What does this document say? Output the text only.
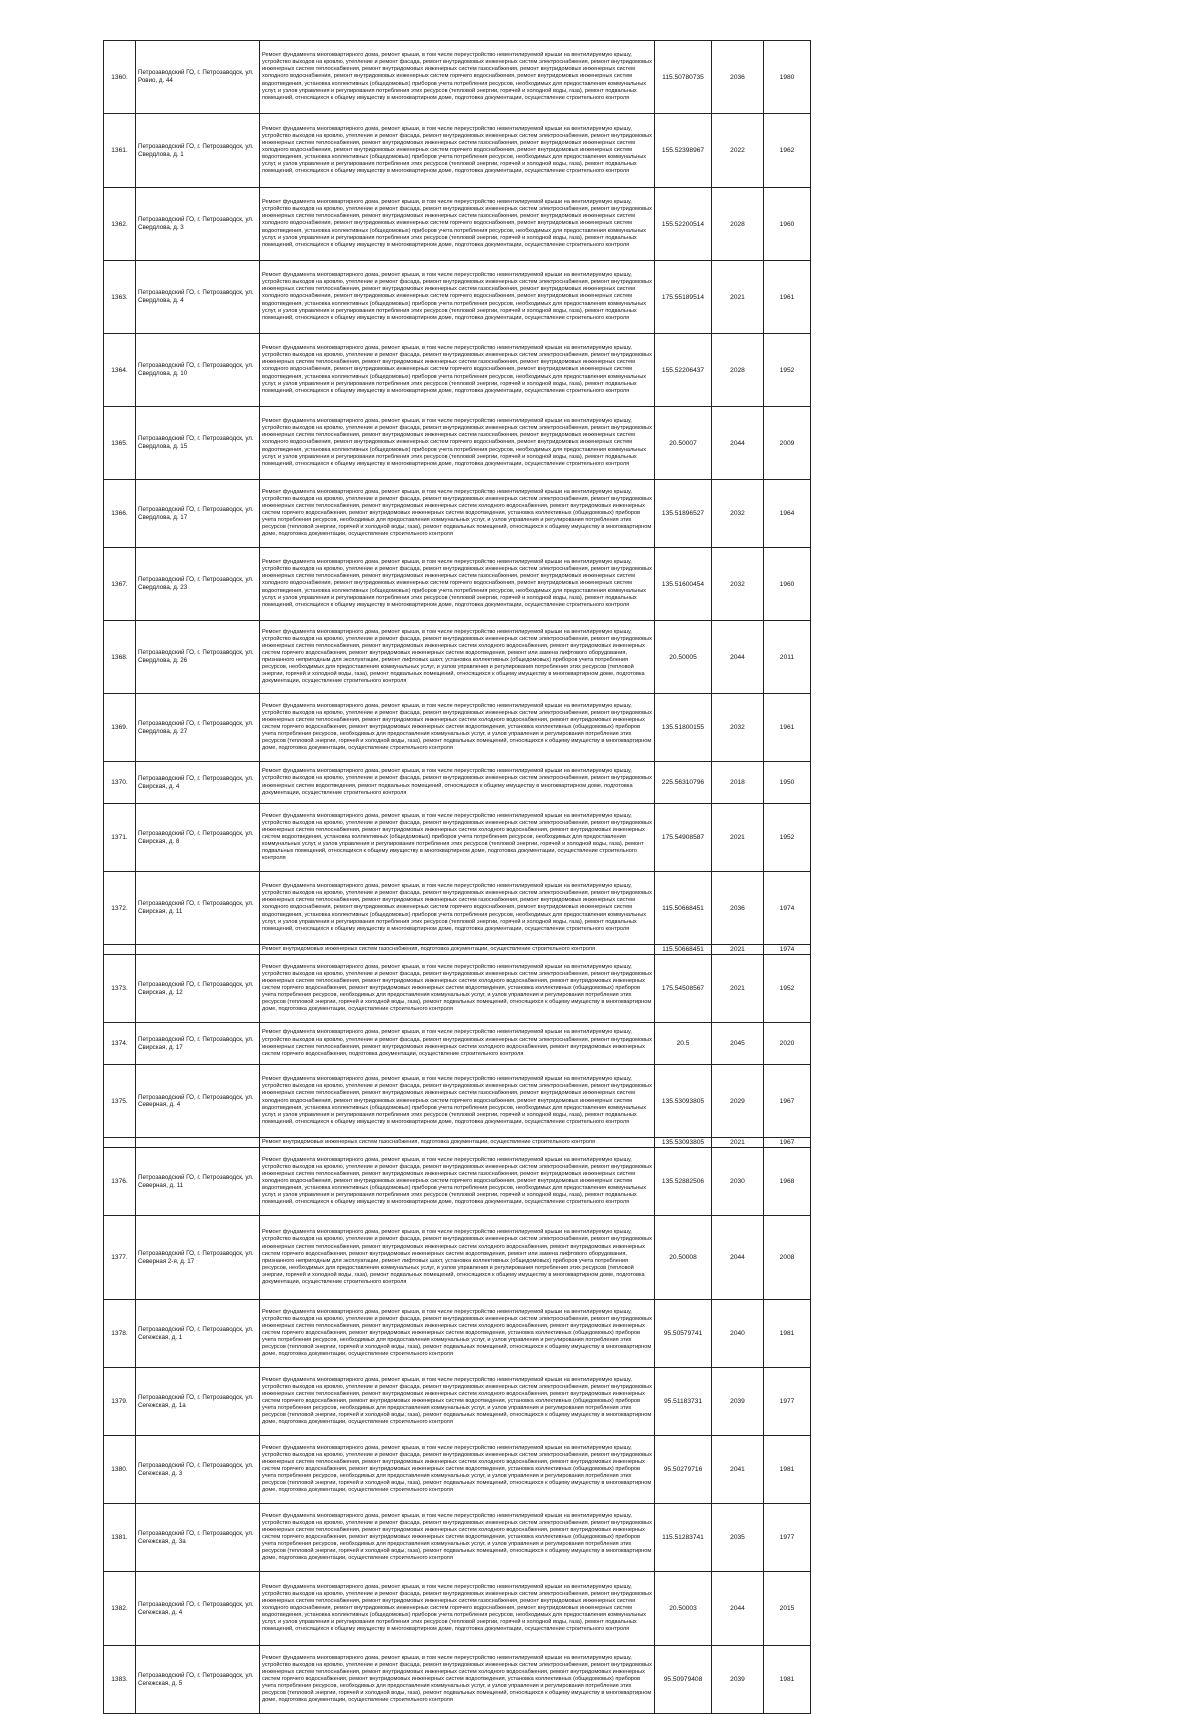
1360.	Петрозаводский ГО, г. Петрозаводск, ул. Ровио, д. 44	Ремонт фундамента многоквартирного дома, ремонт крыши, в том числе переустройство невентилируемой крыши на вентилируемую крышу, устройство выходов на кровлю, утепление и ремонт фасада, ремонт внутридомовых инженерных систем электроснабжения, ремонт внутридомовых инженерных систем теплоснабжения, ремонт внутридомовых инженерных систем газоснабжения, ремонт внутридомовых инженерных систем холодного водоснабжения, ремонт внутридомовых инженерных систем горячего водоснабжения, ремонт внутридомовых инженерных систем водоотведения, установка коллективных (общедомовых) приборов учета потребления ресурсов, необходимых для предоставления коммунальных услуг, и узлов управления и регулирования потребления этих ресурсов (тепловой энергии, горячей и холодной воды, газа), ремонт подвальных помещений, относящихся к общему имуществу в многоквартирном доме, подготовка документации, осуществление строительного контроля	115.50780735	2036	1980
1361.	Петрозаводский ГО, г. Петрозаводск, ул. Свердлова, д. 1	Ремонт фундамента многоквартирного дома, ремонт крыши, в том числе переустройство невентилируемой крыши на вентилируемую крышу, устройство выходов на кровлю, утепление и ремонт фасада, ремонт внутридомовых инженерных систем электроснабжения, ремонт внутридомовых инженерных систем теплоснабжения, ремонт внутридомовых инженерных систем газоснабжения, ремонт внутридомовых инженерных систем холодного водоснабжения, ремонт внутридомовых инженерных систем горячего водоснабжения, ремонт внутридомовых инженерных систем водоотведения, установка коллективных (общедомовых) приборов учета потребления ресурсов, необходимых для предоставления коммунальных услуг, и узлов управления и регулирования потребления этих ресурсов (тепловой энергии, горячей и холодной воды, газа), ремонт подвальных помещений, относящихся к общему имуществу в многоквартирном доме, подготовка документации, осуществление строительного контроля	155.52398967	2022	1962
1362.	Петрозаводский ГО, г. Петрозаводск, ул. Свердлова, д. 3	Ремонт фундамента многоквартирного дома, ремонт крыши, в том числе переустройство невентилируемой крыши на вентилируемую крышу, устройство выходов на кровлю, утепление и ремонт фасада, ремонт внутридомовых инженерных систем электроснабжения, ремонт внутридомовых инженерных систем теплоснабжения, ремонт внутридомовых инженерных систем газоснабжения, ремонт внутридомовых инженерных систем холодного водоснабжения, ремонт внутридомовых инженерных систем горячего водоснабжения, ремонт внутридомовых инженерных систем водоотведения, установка коллективных (общедомовых) приборов учета потребления ресурсов, необходимых для предоставления коммунальных услуг, и узлов управления и регулирования потребления этих ресурсов (тепловой энергии, горячей и холодной воды, газа), ремонт подвальных помещений, относящихся к общему имуществу в многоквартирном доме, подготовка документации, осуществление строительного контроля	155.52200514	2028	1960
1363.	Петрозаводский ГО, г. Петрозаводск, ул. Свердлова, д. 4	Ремонт фундамента многоквартирного дома, ремонт крыши, в том числе переустройство невентилируемой крыши на вентилируемую крышу, устройство выходов на кровлю, утепление и ремонт фасада, ремонт внутридомовых инженерных систем электроснабжения, ремонт внутридомовых инженерных систем теплоснабжения, ремонт внутридомовых инженерных систем газоснабжения, ремонт внутридомовых инженерных систем холодного водоснабжения, ремонт внутридомовых инженерных систем горячего водоснабжения, ремонт внутридомовых инженерных систем водоотведения, установка коллективных (общедомовых) приборов учета потребления ресурсов, необходимых для предоставления коммунальных услуг, и узлов управления и регулирования потребления этих ресурсов (тепловой энергии, горячей и холодной воды, газа), ремонт подвальных помещений, относящихся к общему имуществу в многоквартирном доме, подготовка документации, осуществление строительного контроля	175.55189514	2021	1961
1364.	Петрозаводский ГО, г. Петрозаводск, ул. Свердлова, д. 10	Ремонт фундамента многоквартирного дома, ремонт крыши, в том числе переустройство невентилируемой крыши на вентилируемую крышу, устройство выходов на кровлю, утепление и ремонт фасада, ремонт внутридомовых инженерных систем электроснабжения, ремонт внутридомовых инженерных систем теплоснабжения, ремонт внутридомовых инженерных систем газоснабжения, ремонт внутридомовых инженерных систем холодного водоснабжения, ремонт внутридомовых инженерных систем горячего водоснабжения, ремонт внутридомовых инженерных систем водоотведения, установка коллективных (общедомовых) приборов учета потребления ресурсов, необходимых для предоставления коммунальных услуг, и узлов управления и регулирования потребления этих ресурсов (тепловой энергии, горячей и холодной воды, газа), ремонт подвальных помещений, относящихся к общему имуществу в многоквартирном доме, подготовка документации, осуществление строительного контроля	155.52206437	2028	1952
1365.	Петрозаводский ГО, г. Петрозаводск, ул. Свердлова, д. 15	Ремонт фундамента многоквартирного дома, ремонт крыши, в том числе переустройство невентилируемой крыши на вентилируемую крышу, устройство выходов на кровлю, утепление и ремонт фасада, ремонт внутридомовых инженерных систем электроснабжения, ремонт внутридомовых инженерных систем теплоснабжения, ремонт внутридомовых инженерных систем газоснабжения, ремонт внутридомовых инженерных систем холодного водоснабжения, ремонт внутридомовых инженерных систем горячего водоснабжения, ремонт внутридомовых инженерных систем водоотведения, установка коллективных (общедомовых) приборов учета потребления ресурсов, необходимых для предоставления коммунальных услуг, и узлов управления и регулирования потребления этих ресурсов (тепловой энергии, горячей и холодной воды, газа), ремонт подвальных помещений, относящихся к общему имуществу в многоквартирном доме, подготовка документации, осуществление строительного контроля	20.50007	2044	2009
1366.	Петрозаводский ГО, г. Петрозаводск, ул. Свердлова, д. 17	Ремонт фундамента многоквартирного дома, ремонт крыши, в том числе переустройство невентилируемой крыши на вентилируемую крышу, устройство выходов на кровлю, утепление и ремонт фасада, ремонт внутридомовых инженерных систем электроснабжения, ремонт внутридомовых инженерных систем теплоснабжения, ремонт внутридомовых инженерных систем холодного водоснабжения, ремонт внутридомовых инженерных систем горячего водоснабжения, ремонт внутридомовых инженерных систем водоотведения, установка коллективных (общедомовых) приборов учета потребления ресурсов, необходимых для предоставления коммунальных услуг, и узлов управления и регулирования потребления этих ресурсов (тепловой энергии, горячей и холодной воды, газа), ремонт подвальных помещений, относящихся к общему имуществу в многоквартирном доме, подготовка документации, осуществление строительного контроля	135.51896527	2032	1964
1367.	Петрозаводский ГО, г. Петрозаводск, ул. Свердлова, д. 23	Ремонт фундамента многоквартирного дома, ремонт крыши, в том числе переустройство невентилируемой крыши на вентилируемую крышу, устройство выходов на кровлю, утепление и ремонт фасада, ремонт внутридомовых инженерных систем электроснабжения, ремонт внутридомовых инженерных систем теплоснабжения, ремонт внутридомовых инженерных систем газоснабжения, ремонт внутридомовых инженерных систем холодного водоснабжения, ремонт внутридомовых инженерных систем горячего водоснабжения, ремонт внутридомовых инженерных систем водоотведения, установка коллективных (общедомовых) приборов учета потребления ресурсов, необходимых для предоставления коммунальных услуг, и узлов управления и регулирования потребления этих ресурсов (тепловой энергии, горячей и холодной воды, газа), ремонт подвальных помещений, относящихся к общему имуществу в многоквартирном доме, подготовка документации, осуществление строительного контроля	135.51600454	2032	1960
1368.	Петрозаводский ГО, г. Петрозаводск, ул. Свердлова, д. 26	Ремонт фундамента многоквартирного дома, ремонт крыши, в том числе переустройство невентилируемой крыши на вентилируемую крышу, устройство выходов на кровлю, утепление и ремонт фасада, ремонт внутридомовых инженерных систем электроснабжения, ремонт внутридомовых инженерных систем теплоснабжения, ремонт внутридомовых инженерных систем холодного водоснабжения, ремонт внутридомовых инженерных систем горячего водоснабжения, ремонт внутридомовых инженерных систем водоотведения, ремонт или замена лифтового оборудования, признанного непригодным для эксплуатации, ремонт лифтовых шахт, установка коллективных (общедомовых) приборов учета потребления ресурсов, необходимых для предоставления коммунальных услуг, и узлов управления и регулирования потребления этих ресурсов (тепловой энергии, горячей и холодной воды, газа), ремонт подвальных помещений, относящихся к общему имуществу в многоквартирном доме, подготовка документации, осуществление строительного контроля	20.50005	2044	2011
1369.	Петрозаводский ГО, г. Петрозаводск, ул. Свердлова, д. 27	Ремонт фундамента многоквартирного дома, ремонт крыши, в том числе переустройство невентилируемой крыши на вентилируемую крышу, устройство выходов на кровлю, утепление и ремонт фасада, ремонт внутридомовых инженерных систем электроснабжения, ремонт внутридомовых инженерных систем теплоснабжения, ремонт внутридомовых инженерных систем холодного водоснабжения, ремонт внутридомовых инженерных систем горячего водоснабжения, ремонт внутридомовых инженерных систем водоотведения, установка коллективных (общедомовых) приборов учета потребления ресурсов, необходимых для предоставления коммунальных услуг, и узлов управления и регулирования потребления этих ресурсов (тепловой энергии, горячей и холодной воды, газа), ремонт подвальных помещений, относящихся к общему имуществу в многоквартирном доме, подготовка документации, осуществление строительного контроля	135.51800155	2032	1961
1370.	Петрозаводский ГО, г. Петрозаводск, ул. Свирская, д. 4	Ремонт фундамента многоквартирного дома, ремонт крыши, в том числе переустройство невентилируемой крыши на вентилируемую крышу, устройство выходов на кровлю, утепление и ремонт фасада, ремонт внутридомовых инженерных систем электроснабжения, ремонт внутридомовых инженерных систем водоотведения, ремонт подвальных помещений, относящихся к общему имуществу в многоквартирном доме, подготовка документации, осуществление строительного контроля	225.56310796	2018	1950
1371.	Петрозаводский ГО, г. Петрозаводск, ул. Свирская, д. 8	Ремонт фундамента многоквартирного дома, ремонт крыши, в том числе переустройство невентилируемой крыши на вентилируемую крышу, устройство выходов на кровлю, утепление и ремонт фасада, ремонт внутридомовых инженерных систем электроснабжения, ремонт внутридомовых инженерных систем теплоснабжения, ремонт внутридомовых инженерных систем холодного водоснабжения, ремонт внутридомовых инженерных систем водоотведения, установка коллективных (общедомовых) приборов учета потребления ресурсов, необходимых для предоставления коммунальных услуг, и узлов управления и регулирования потребления этих ресурсов (тепловой энергии, горячей и холодной воды, газа), ремонт подвальных помещений, относящихся к общему имуществу в многоквартирном доме, подготовка документации, осуществление строительного контроля	175.54908587	2021	1952
1372.	Петрозаводский ГО, г. Петрозаводск, ул. Свирская, д. 11	Ремонт фундамента многоквартирного дома, ремонт крыши, в том числе переустройство невентилируемой крыши на вентилируемую крышу, устройство выходов на кровлю, утепление и ремонт фасада, ремонт внутридомовых инженерных систем электроснабжения, ремонт внутридомовых инженерных систем теплоснабжения, ремонт внутридомовых инженерных систем газоснабжения, ремонт внутридомовых инженерных систем холодного водоснабжения, ремонт внутридомовых инженерных систем горячего водоснабжения, ремонт внутридомовых инженерных систем водоотведения, установка коллективных (общедомовых) приборов учета потребления ресурсов, необходимых для предоставления коммунальных услуг, и узлов управления и регулирования потребления этих ресурсов (тепловой энергии, горячей и холодной воды, газа), ремонт подвальных помещений, относящихся к общему имуществу в многоквартирном доме, подготовка документации, осуществление строительного контроля	115.50668451	2036	1974

		Ремонт внутридомовых инженерных систем газоснабжения, подготовка документации, осуществление строительного контроля	115.50668451	2021	1974
1373.	Петрозаводский ГО, г. Петрозаводск, ул. Свирская, д. 12	Ремонт фундамента многоквартирного дома, ремонт крыши, в том числе переустройство невентилируемой крыши на вентилируемую крышу, устройство выходов на кровлю, утепление и ремонт фасада, ремонт внутридомовых инженерных систем электроснабжения, ремонт внутридомовых инженерных систем теплоснабжения, ремонт внутридомовых инженерных систем холодного водоснабжения, ремонт внутридомовых инженерных систем горячего водоснабжения, ремонт внутридомовых инженерных систем водоотведения, установка коллективных (общедомовых) приборов учета потребления ресурсов, необходимых для предоставления коммунальных услуг, и узлов управления и регулирования потребления этих ресурсов (тепловой энергии, горячей и холодной воды, газа), ремонт подвальных помещений, относящихся к общему имуществу в многоквартирном доме, подготовка документации, осуществление строительного контроля	175.54508567	2021	1952
1374.	Петрозаводский ГО, г. Петрозаводск, ул. Свирская, д. 17	Ремонт фундамента многоквартирного дома, ремонт крыши, в том числе переустройство невентилируемой крыши на вентилируемую крышу, устройство выходов на кровлю, утепление и ремонт фасада, ремонт внутридомовых инженерных систем электроснабжения, ремонт внутридомовых инженерных систем теплоснабжения, ремонт внутридомовых инженерных систем холодного водоснабжения, ремонт внутридомовых инженерных систем горячего водоснабжения, подготовка документации, осуществление строительного контроля	20.5	2045	2020
1375.	Петрозаводский ГО, г. Петрозаводск, ул. Северная, д. 4	Ремонт фундамента многоквартирного дома, ремонт крыши, в том числе переустройство невентилируемой крыши на вентилируемую крышу, устройство выходов на кровлю, утепление и ремонт фасада, ремонт внутридомовых инженерных систем электроснабжения, ремонт внутридомовых инженерных систем теплоснабжения, ремонт внутридомовых инженерных систем газоснабжения, ремонт внутридомовых инженерных систем холодного водоснабжения, ремонт внутридомовых инженерных систем горячего водоснабжения, ремонт внутридомовых инженерных систем водоотведения, установка коллективных (общедомовых) приборов учета потребления ресурсов, необходимых для предоставления коммунальных услуг, и узлов управления и регулирования потребления этих ресурсов (тепловой энергии, горячей и холодной воды, газа), ремонт подвальных помещений, относящихся к общему имуществу в многоквартирном доме, подготовка документации, осуществление строительного контроля	135.53093805	2029	1967

		Ремонт внутридомовых инженерных систем газоснабжения, подготовка документации, осуществление строительного контроля	135.53093805	2021	1967
1376.	Петрозаводский ГО, г. Петрозаводск, ул. Северная, д. 11	Ремонт фундамента многоквартирного дома, ремонт крыши, в том числе переустройство невентилируемой крыши на вентилируемую крышу, устройство выходов на кровлю, утепление и ремонт фасада, ремонт внутридомовых инженерных систем электроснабжения, ремонт внутридомовых инженерных систем теплоснабжения, ремонт внутридомовых инженерных систем газоснабжения, ремонт внутридомовых инженерных систем холодного водоснабжения, ремонт внутридомовых инженерных систем горячего водоснабжения, ремонт внутридомовых инженерных систем водоотведения, установка коллективных (общедомовых) приборов учета потребления ресурсов, необходимых для предоставления коммунальных услуг, и узлов управления и регулирования потребления этих ресурсов (тепловой энергии, горячей и холодной воды, газа), ремонт подвальных помещений, относящихся к общему имуществу в многоквартирном доме, подготовка документации, осуществление строительного контроля	135.52882506	2030	1968
1377.	Петрозаводский ГО, г. Петрозаводск, ул. Северная 2-я, д. 17	Ремонт фундамента многоквартирного дома, ремонт крыши, в том числе переустройство невентилируемой крыши на вентилируемую крышу, устройство выходов на кровлю, утепление и ремонт фасада, ремонт внутридомовых инженерных систем электроснабжения, ремонт внутридомовых инженерных систем теплоснабжения, ремонт внутридомовых инженерных систем холодного водоснабжения, ремонт внутридомовых инженерных систем горячего водоснабжения, ремонт внутридомовых инженерных систем водоотведения, ремонт или замена лифтового оборудования, признанного непригодным для эксплуатации, ремонт лифтовых шахт, установка коллективных (общедомовых) приборов учета потребления ресурсов, необходимых для предоставления коммунальных услуг, и узлов управления и регулирования потребления этих ресурсов (тепловой энергии, горячей и холодной воды, газа), ремонт подвальных помещений, относящихся к общему имуществу в многоквартирном доме, подготовка документации, осуществление строительного контроля	20.50008	2044	2008
1378.	Петрозаводский ГО, г. Петрозаводск, ул. Сегежская, д. 1	Ремонт фундамента многоквартирного дома, ремонт крыши, в том числе переустройство невентилируемой крыши на вентилируемую крышу, устройство выходов на кровлю, утепление и ремонт фасада, ремонт внутридомовых инженерных систем электроснабжения, ремонт внутридомовых инженерных систем теплоснабжения, ремонт внутридомовых инженерных систем холодного водоснабжения, ремонт внутридомовых инженерных систем горячего водоснабжения, ремонт внутридомовых инженерных систем водоотведения, установка коллективных (общедомовых) приборов учета потребления ресурсов, необходимых для предоставления коммунальных услуг, и узлов управления и регулирования потребления этих ресурсов (тепловой энергии, горячей и холодной воды, газа), ремонт подвальных помещений, относящихся к общему имуществу в многоквартирном доме, подготовка документации, осуществление строительного контроля	95.50579741	2040	1981
1379.	Петрозаводский ГО, г. Петрозаводск, ул. Сегежская, д. 1а	Ремонт фундамента многоквартирного дома, ремонт крыши, в том числе переустройство невентилируемой крыши на вентилируемую крышу, устройство выходов на кровлю, утепление и ремонт фасада, ремонт внутридомовых инженерных систем электроснабжения, ремонт внутридомовых инженерных систем теплоснабжения, ремонт внутридомовых инженерных систем холодного водоснабжения, ремонт внутридомовых инженерных систем горячего водоснабжения, ремонт внутридомовых инженерных систем водоотведения, установка коллективных (общедомовых) приборов учета потребления ресурсов, необходимых для предоставления коммунальных услуг, и узлов управления и регулирования потребления этих ресурсов (тепловой энергии, горячей и холодной воды, газа), ремонт подвальных помещений, относящихся к общему имуществу в многоквартирном доме, подготовка документации, осуществление строительного контроля	95.51183731	2039	1977
1380.	Петрозаводский ГО, г. Петрозаводск, ул. Сегежская, д. 3	Ремонт фундамента многоквартирного дома, ремонт крыши, в том числе переустройство невентилируемой крыши на вентилируемую крышу, устройство выходов на кровлю, утепление и ремонт фасада, ремонт внутридомовых инженерных систем электроснабжения, ремонт внутридомовых инженерных систем теплоснабжения, ремонт внутридомовых инженерных систем холодного водоснабжения, ремонт внутридомовых инженерных систем горячего водоснабжения, ремонт внутридомовых инженерных систем водоотведения, установка коллективных (общедомовых) приборов учета потребления ресурсов, необходимых для предоставления коммунальных услуг, и узлов управления и регулирования потребления этих ресурсов (тепловой энергии, горячей и холодной воды, газа), ремонт подвальных помещений, относящихся к общему имуществу в многоквартирном доме, подготовка документации, осуществление строительного контроля	95.50279716	2041	1981
1381.	Петрозаводский ГО, г. Петрозаводск, ул. Сегежская, д. 3а	Ремонт фундамента многоквартирного дома, ремонт крыши, в том числе переустройство невентилируемой крыши на вентилируемую крышу, устройство выходов на кровлю, утепление и ремонт фасада, ремонт внутридомовых инженерных систем электроснабжения, ремонт внутридомовых инженерных систем теплоснабжения, ремонт внутридомовых инженерных систем холодного водоснабжения, ремонт внутридомовых инженерных систем горячего водоснабжения, ремонт внутридомовых инженерных систем водоотведения, установка коллективных (общедомовых) приборов учета потребления ресурсов, необходимых для предоставления коммунальных услуг, и узлов управления и регулирования потребления этих ресурсов (тепловой энергии, горячей и холодной воды, газа), ремонт подвальных помещений, относящихся к общему имуществу в многоквартирном доме, подготовка документации, осуществление строительного контроля	115.51283741	2035	1977
1382.	Петрозаводский ГО, г. Петрозаводск, ул. Сегежская, д. 4	Ремонт фундамента многоквартирного дома, ремонт крыши, в том числе переустройство невентилируемой крыши на вентилируемую крышу, устройство выходов на кровлю, утепление и ремонт фасада, ремонт внутридомовых инженерных систем электроснабжения, ремонт внутридомовых инженерных систем теплоснабжения, ремонт внутридомовых инженерных систем газоснабжения, ремонт внутридомовых инженерных систем холодного водоснабжения, ремонт внутридомовых инженерных систем горячего водоснабжения, ремонт внутридомовых инженерных систем водоотведения, установка коллективных (общедомовых) приборов учета потребления ресурсов, необходимых для предоставления коммунальных услуг, и узлов управления и регулирования потребления этих ресурсов (тепловой энергии, горячей и холодной воды, газа), ремонт подвальных помещений, относящихся к общему имуществу в многоквартирном доме, подготовка документации, осуществление строительного контроля	20.50003	2044	2015
1383.	Петрозаводский ГО, г. Петрозаводск, ул. Сегежская, д. 5	Ремонт фундамента многоквартирного дома, ремонт крыши, в том числе переустройство невентилируемой крыши на вентилируемую крышу, устройство выходов на кровлю, утепление и ремонт фасада, ремонт внутридомовых инженерных систем электроснабжения, ремонт внутридомовых инженерных систем теплоснабжения, ремонт внутридомовых инженерных систем холодного водоснабжения, ремонт внутридомовых инженерных систем горячего водоснабжения, ремонт внутридомовых инженерных систем водоотведения, установка коллективных (общедомовых) приборов учета потребления ресурсов, необходимых для предоставления коммунальных услуг, и узлов управления и регулирования потребления этих ресурсов (тепловой энергии, горячей и холодной воды, газа), ремонт подвальных помещений, относящихся к общему имуществу в многоквартирном доме, подготовка документации, осуществление строительного контроля	95.50979408	2039	1981
